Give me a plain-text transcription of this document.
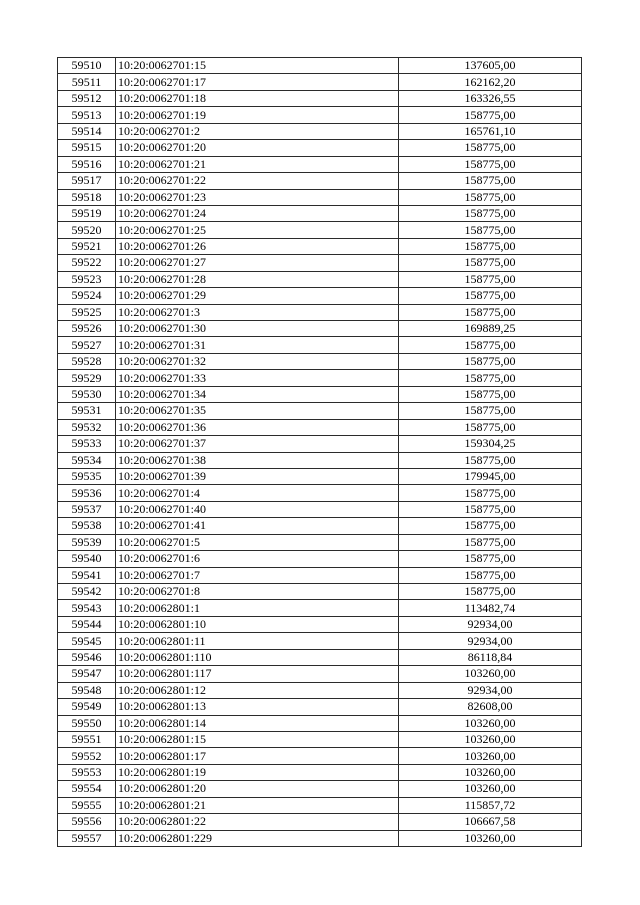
59510	10:20:0062701:15	137605,00
59511	10:20:0062701:17	162162,20
59512	10:20:0062701:18	163326,55
59513	10:20:0062701:19	158775,00
59514	10:20:0062701:2	165761,10
59515	10:20:0062701:20	158775,00
59516	10:20:0062701:21	158775,00
59517	10:20:0062701:22	158775,00
59518	10:20:0062701:23	158775,00
59519	10:20:0062701:24	158775,00
59520	10:20:0062701:25	158775,00
59521	10:20:0062701:26	158775,00
59522	10:20:0062701:27	158775,00
59523	10:20:0062701:28	158775,00
59524	10:20:0062701:29	158775,00
59525	10:20:0062701:3	158775,00
59526	10:20:0062701:30	169889,25
59527	10:20:0062701:31	158775,00
59528	10:20:0062701:32	158775,00
59529	10:20:0062701:33	158775,00
59530	10:20:0062701:34	158775,00
59531	10:20:0062701:35	158775,00
59532	10:20:0062701:36	158775,00
59533	10:20:0062701:37	159304,25
59534	10:20:0062701:38	158775,00
59535	10:20:0062701:39	179945,00
59536	10:20:0062701:4	158775,00
59537	10:20:0062701:40	158775,00
59538	10:20:0062701:41	158775,00
59539	10:20:0062701:5	158775,00
59540	10:20:0062701:6	158775,00
59541	10:20:0062701:7	158775,00
59542	10:20:0062701:8	158775,00
59543	10:20:0062801:1	113482,74
59544	10:20:0062801:10	92934,00
59545	10:20:0062801:11	92934,00
59546	10:20:0062801:110	86118,84
59547	10:20:0062801:117	103260,00
59548	10:20:0062801:12	92934,00
59549	10:20:0062801:13	82608,00
59550	10:20:0062801:14	103260,00
59551	10:20:0062801:15	103260,00
59552	10:20:0062801:17	103260,00
59553	10:20:0062801:19	103260,00
59554	10:20:0062801:20	103260,00
59555	10:20:0062801:21	115857,72
59556	10:20:0062801:22	106667,58
59557	10:20:0062801:229	103260,00
